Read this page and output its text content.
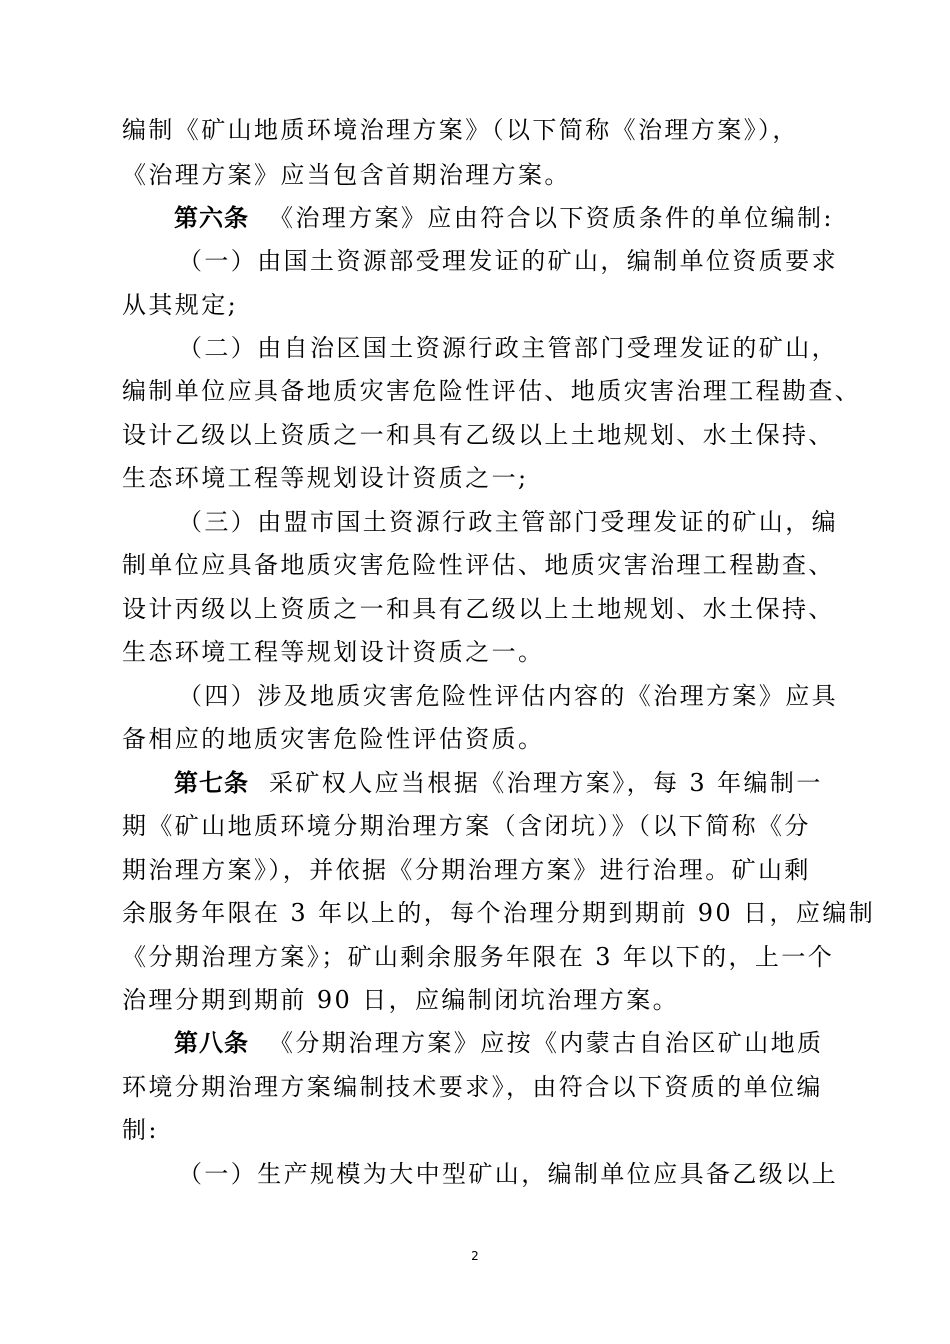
编制《矿山地质环境治理方案》（以下简称《治理方案》），
《治理方案》应当包含首期治理方案。
第六条 《治理方案》应由符合以下资质条件的单位编制:
（一）由国土资源部受理发证的矿山，编制单位资质要求
从其规定;
（二）由自治区国土资源行政主管部门受理发证的矿山，
编制单位应具备地质灾害危险性评估、地质灾害治理工程勘查、
设计乙级以上资质之一和具有乙级以上土地规划、水土保持、
生态环境工程等规划设计资质之一;
（三）由盟市国土资源行政主管部门受理发证的矿山，编
制单位应具备地质灾害危险性评估、地质灾害治理工程勘查、
设计丙级以上资质之一和具有乙级以上土地规划、水土保持、
生态环境工程等规划设计资质之一。
（四）涉及地质灾害危险性评估内容的《治理方案》应具
备相应的地质灾害危险性评估资质。
第七条 采矿权人应当根据《治理方案》，每 3 年编制一
期《矿山地质环境分期治理方案（含闭坑）》（以下简称《分
期治理方案》），并依据《分期治理方案》进行治理。矿山剩
余服务年限在 3 年以上的，每个治理分期到期前 90 日，应编制
《分期治理方案》；矿山剩余服务年限在 3 年以下的，上一个
治理分期到期前 90 日，应编制闭坑治理方案。
第八条 《分期治理方案》应按《内蒙古自治区矿山地质
环境分期治理方案编制技术要求》，由符合以下资质的单位编
制:
（一）生产规模为大中型矿山，编制单位应具备乙级以上
2
